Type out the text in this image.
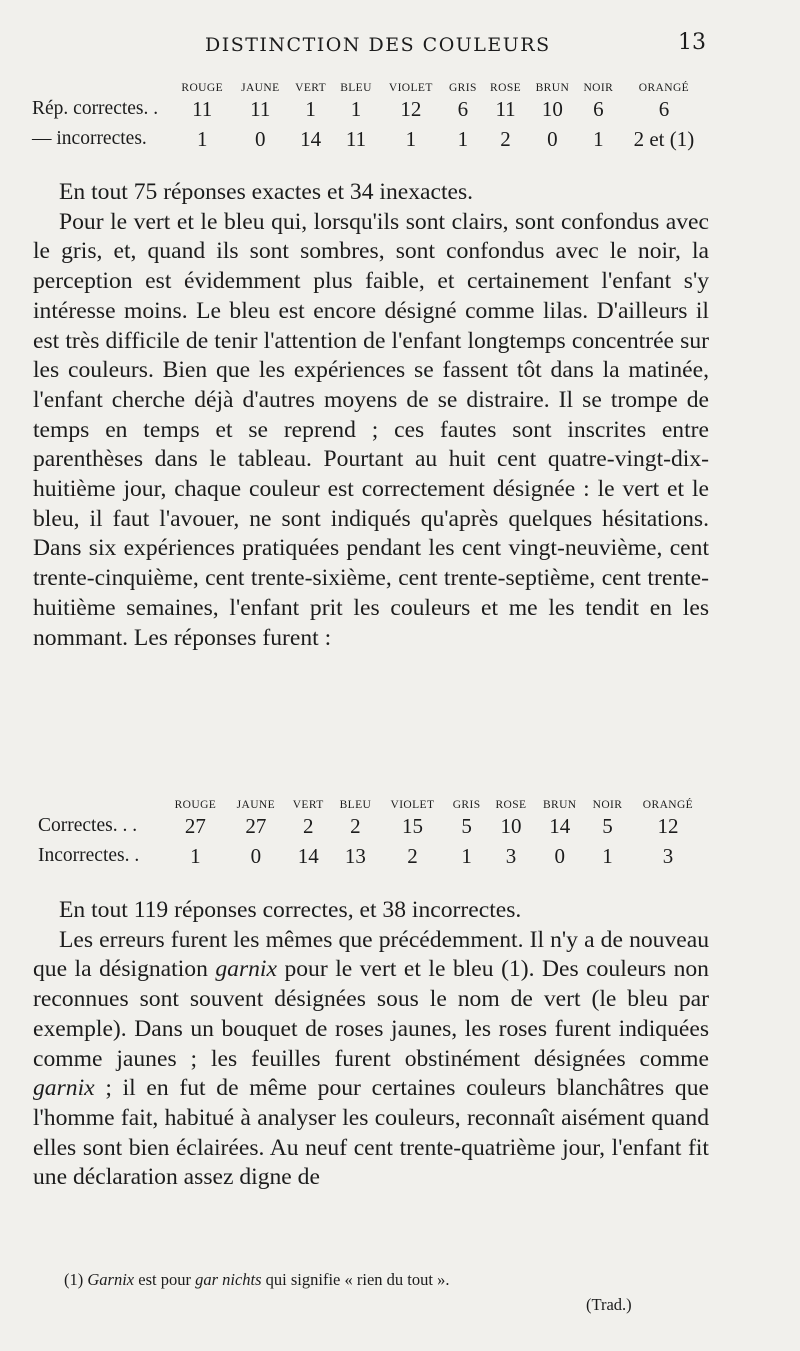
DISTINCTION DES COULEURS	13
	ROUGE	JAUNE	VERT	BLEU	VIOLET	GRIS	ROSE	BRUN	NOIR	ORANGÉ
Rép. correctes. .	11	11	1	1	12	6	11	10	6	6
— incorrectes.	1	0	14	11	1	1	2	0	1	2 et (1)

En tout 75 réponses exactes et 34 inexactes.

Pour le vert et le bleu qui, lorsqu'ils sont clairs, sont confondus avec le gris, et, quand ils sont sombres, sont confondus avec le noir, la perception est évidemment plus faible, et certainement l'enfant s'y intéresse moins. Le bleu est encore désigné comme lilas. D'ailleurs il est très difficile de tenir l'attention de l'enfant longtemps concentrée sur les couleurs. Bien que les expériences se fassent tôt dans la matinée, l'enfant cherche déjà d'autres moyens de se distraire. Il se trompe de temps en temps et se reprend ; ces fautes sont inscrites entre parenthèses dans le tableau. Pourtant au huit cent quatre-vingt-dix-huitième jour, chaque couleur est correctement désignée : le vert et le bleu, il faut l'avouer, ne sont indiqués qu'après quelques hésitations. Dans six expériences pratiquées pendant les cent vingt-neuvième, cent trente-cinquième, cent trente-sixième, cent trente-septième, cent trente-huitième semaines, l'enfant prit les couleurs et me les tendit en les nommant. Les réponses furent :

	ROUGE	JAUNE	VERT	BLEU	VIOLET	GRIS	ROSE	BRUN	NOIR	ORANGÉ
Correctes. . .	27	27	2	2	15	5	10	14	5	12
Incorrectes. .	1	0	14	13	2	1	3	0	1	3

En tout 119 réponses correctes, et 38 incorrectes.

Les erreurs furent les mêmes que précédemment. Il n'y a de nouveau que la désignation garnix pour le vert et le bleu (1). Des couleurs non reconnues sont souvent désignées sous le nom de vert (le bleu par exemple). Dans un bouquet de roses jaunes, les roses furent indiquées comme jaunes ; les feuilles furent obstinément désignées comme garnix ; il en fut de même pour certaines couleurs blanchâtres que l'homme fait, habitué à analyser les couleurs, reconnaît aisément quand elles sont bien éclairées. Au neuf cent trente-quatrième jour, l'enfant fit une déclaration assez digne de

(1) Garnix est pour gar nichts qui signifie « rien du tout ».
(Trad.)
